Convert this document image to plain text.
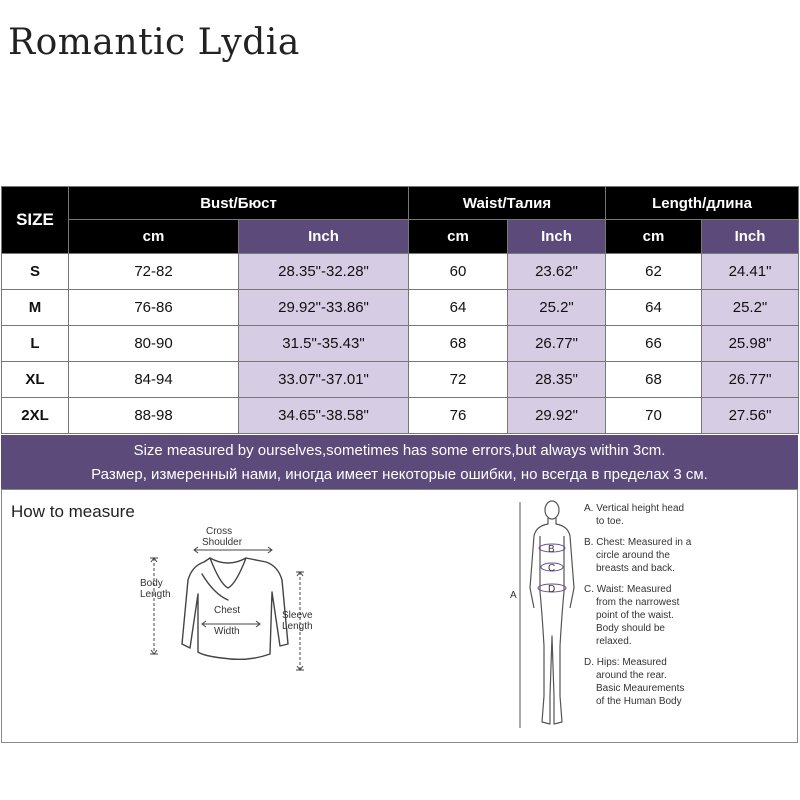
Romantic Lydia
SIZE	Bust/Бюст		Waist/Талия		Length/длина	
	cm	Inch	cm	Inch	cm	Inch
S	72-82	28.35"-32.28"	60	23.62"	62	24.41"
M	76-86	29.92"-33.86"	64	25.2"	64	25.2"
L	80-90	31.5"-35.43"	68	26.77"	66	25.98"
XL	84-94	33.07"-37.01"	72	28.35"	68	26.77"
2XL	88-98	34.65"-38.58"	76	29.92"	70	27.56"
Size measured by ourselves,sometimes has some errors,but always within 3cm.
Размер, измеренный нами, иногда имеет некоторые ошибки, но всегда в пределах 3 см.
How to measure
Cross
Shoulder
Body
Length
Chest
Width
Sleeve
Length
A
B
C
D
A. Vertical height head
to toe.
B. Chest: Measured in a
circle around the
breasts and back.
C. Waist: Measured
from the narrowest
point of the waist.
Body should be
relaxed.
D. Hips: Measured
around the rear.
Basic Meaurements
of the Human Body
